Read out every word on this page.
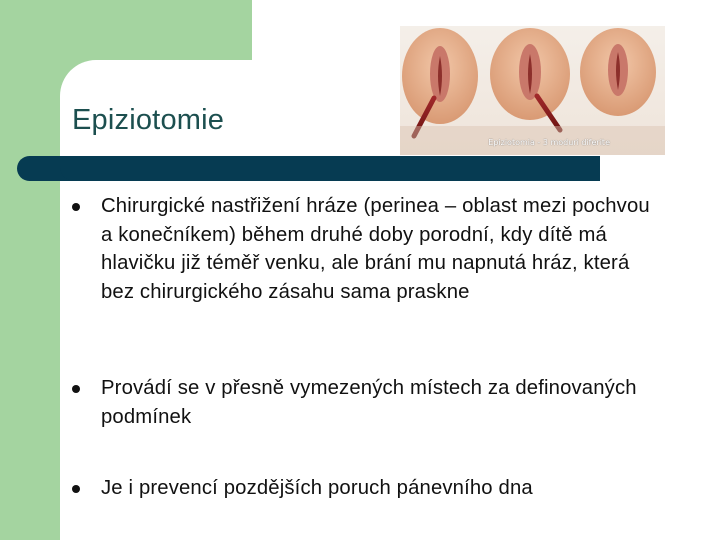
Epiziotomia - 3 moduri diferite
Epiziotomie
Chirurgické nastřižení hráze (perinea – oblast mezi pochvou a konečníkem) během druhé doby porodní, kdy dítě má hlavičku již téměř venku, ale brání mu napnutá hráz, která bez chirurgického zásahu sama praskne
Provádí se v přesně vymezených místech za definovaných podmínek
Je i prevencí pozdějších poruch pánevního dna
